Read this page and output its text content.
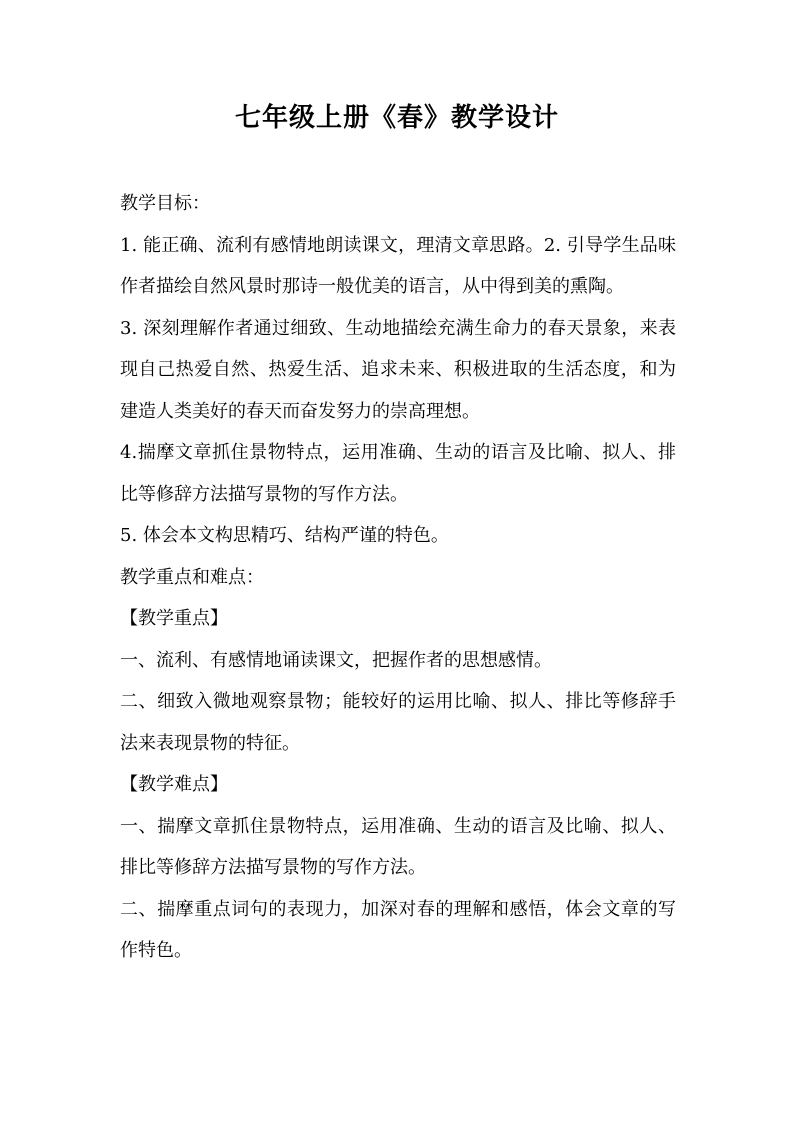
七年级上册《春》教学设计

教学目标：

1. 能正确、流利有感情地朗读课文，理清文章思路。2. 引导学生品味作者描绘自然风景时那诗一般优美的语言，从中得到美的熏陶。

3. 深刻理解作者通过细致、生动地描绘充满生命力的春天景象，来表现自己热爱自然、热爱生活、追求未来、积极进取的生活态度，和为建造人类美好的春天而奋发努力的崇高理想。

4.揣摩文章抓住景物特点，运用准确、生动的语言及比喻、拟人、排比等修辞方法描写景物的写作方法。

5. 体会本文构思精巧、结构严谨的特色。

教学重点和难点：

【教学重点】

一、流利、有感情地诵读课文，把握作者的思想感情。

二、细致入微地观察景物；能较好的运用比喻、拟人、排比等修辞手法来表现景物的特征。

【教学难点】

一、揣摩文章抓住景物特点，运用准确、生动的语言及比喻、拟人、排比等修辞方法描写景物的写作方法。

二、揣摩重点词句的表现力，加深对春的理解和感悟，体会文章的写作特色。
